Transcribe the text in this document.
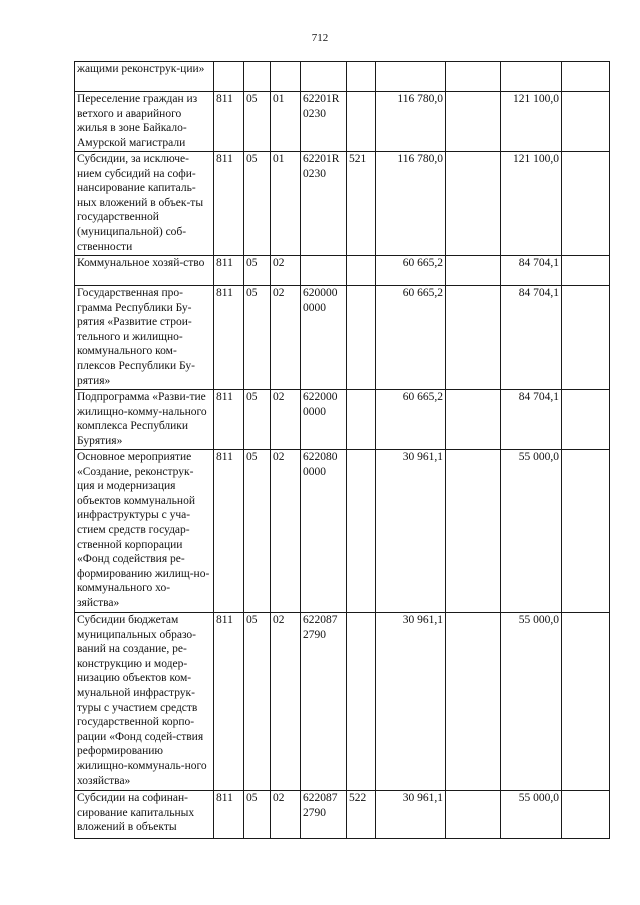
712
жащими реконструк-ции»									
Переселение граждан из ветхого и аварийного жилья в зоне Байкало-Амурской магистрали	811	05	01	62201R 0230		116 780,0		121 100,0	
Субсидии, за исключе-нием субсидий на софи-нансирование капиталь-ных вложений в объек-ты государственной (муниципальной) соб-ственности	811	05	01	62201R 0230	521	116 780,0		121 100,0	
Коммунальное хозяй-ство	811	05	02			60 665,2		84 704,1	
Государственная про-грамма Республики Бу-рятия «Развитие строи-тельного и жилищно-коммунального ком-плексов Республики Бу-рятия»	811	05	02	620000 0000		60 665,2		84 704,1	
Подпрограмма «Разви-тие жилищно-комму-нального комплекса Республики Бурятия»	811	05	02	622000 0000		60 665,2		84 704,1	
Основное мероприятие «Создание, реконструк-ция и модернизация объектов коммунальной инфраструктуры с уча-стием средств государ-ственной корпорации «Фонд содействия ре-формированию жилищ-но-коммунального хо-зяйства»	811	05	02	622080 0000		30 961,1		55 000,0	
Субсидии бюджетам муниципальных образо-ваний на создание, ре-конструкцию и модер-низацию объектов ком-мунальной инфраструк-туры с участием средств государственной корпо-рации «Фонд содей-ствия реформированию жилищно-коммуналь-ного хозяйства»	811	05	02	622087 2790		30 961,1		55 000,0	
Субсидии на софинан-сирование капитальных вложений в объекты	811	05	02	622087 2790	522	30 961,1		55 000,0	
